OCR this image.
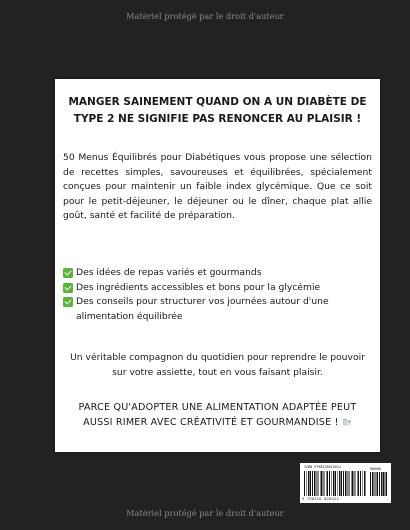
Matériel protégé par le droit d'auteur
MANGER SAINEMENT QUAND ON A UN DIABÈTE DE TYPE 2 NE SIGNIFIE PAS RENONCER AU PLAISIR !
50 Menus Équilibrés pour Diabétiques vous propose une sélection de recettes simples, savoureuses et équilibrées, spécialement conçues pour maintenir un faible index glycémique. Que ce soit pour le petit-déjeuner, le déjeuner ou le dîner, chaque plat allie goût, santé et facilité de préparation.
Des idées de repas variés et gourmands
Des ingrédients accessibles et bons pour la glycémie
Des conseils pour structurer vos journées autour d'une alimentation équilibrée
Un véritable compagnon du quotidien pour reprendre le pouvoir sur votre assiette, tout en vous faisant plaisir.
PARCE QU'ADOPTER UNE ALIMENTATION ADAPTÉE PEUT AUSSI RIMER AVEC CRÉATIVITÉ ET GOURMANDISE !
ISBN 9798316020424	90000
9 798316 020424
Matériel protégé par le droit d'auteur
